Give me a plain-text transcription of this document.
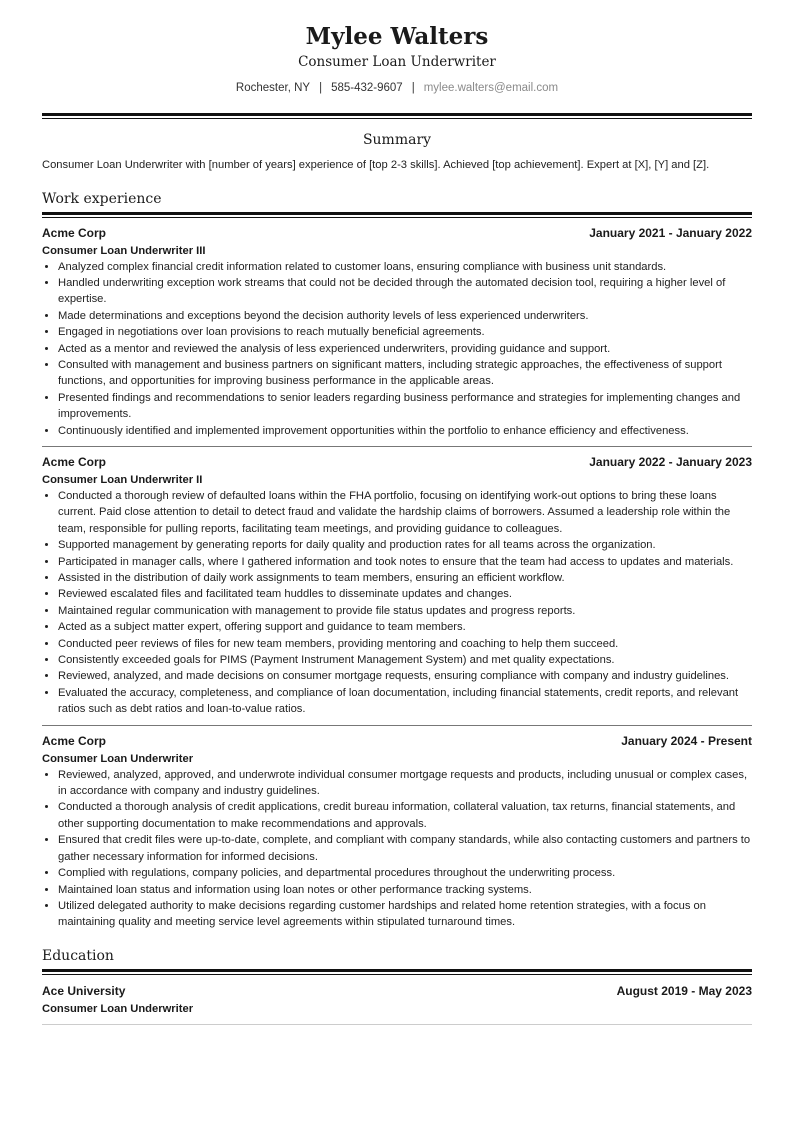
Mylee Walters
Consumer Loan Underwriter
Rochester, NY | 585-432-9607 | mylee.walters@email.com
Summary
Consumer Loan Underwriter with [number of years] experience of [top 2-3 skills]. Achieved [top achievement]. Expert at [X], [Y] and [Z].
Work experience
Acme Corp	January 2021 - January 2022
Consumer Loan Underwriter III
• Analyzed complex financial credit information related to customer loans, ensuring compliance with business unit standards.
• Handled underwriting exception work streams that could not be decided through the automated decision tool, requiring a higher level of expertise.
• Made determinations and exceptions beyond the decision authority levels of less experienced underwriters.
• Engaged in negotiations over loan provisions to reach mutually beneficial agreements.
• Acted as a mentor and reviewed the analysis of less experienced underwriters, providing guidance and support.
• Consulted with management and business partners on significant matters, including strategic approaches, the effectiveness of support functions, and opportunities for improving business performance in the applicable areas.
• Presented findings and recommendations to senior leaders regarding business performance and strategies for implementing changes and improvements.
• Continuously identified and implemented improvement opportunities within the portfolio to enhance efficiency and effectiveness.
Acme Corp	January 2022 - January 2023
Consumer Loan Underwriter II
• Conducted a thorough review of defaulted loans within the FHA portfolio, focusing on identifying work-out options to bring these loans current. Paid close attention to detail to detect fraud and validate the hardship claims of borrowers. Assumed a leadership role within the team, responsible for pulling reports, facilitating team meetings, and providing guidance to colleagues.
• Supported management by generating reports for daily quality and production rates for all teams across the organization.
• Participated in manager calls, where I gathered information and took notes to ensure that the team had access to updates and materials.
• Assisted in the distribution of daily work assignments to team members, ensuring an efficient workflow.
• Reviewed escalated files and facilitated team huddles to disseminate updates and changes.
• Maintained regular communication with management to provide file status updates and progress reports.
• Acted as a subject matter expert, offering support and guidance to team members.
• Conducted peer reviews of files for new team members, providing mentoring and coaching to help them succeed.
• Consistently exceeded goals for PIMS (Payment Instrument Management System) and met quality expectations.
• Reviewed, analyzed, and made decisions on consumer mortgage requests, ensuring compliance with company and industry guidelines.
• Evaluated the accuracy, completeness, and compliance of loan documentation, including financial statements, credit reports, and relevant ratios such as debt ratios and loan-to-value ratios.
Acme Corp	January 2024 - Present
Consumer Loan Underwriter
• Reviewed, analyzed, approved, and underwrote individual consumer mortgage requests and products, including unusual or complex cases, in accordance with company and industry guidelines.
• Conducted a thorough analysis of credit applications, credit bureau information, collateral valuation, tax returns, financial statements, and other supporting documentation to make recommendations and approvals.
• Ensured that credit files were up-to-date, complete, and compliant with company standards, while also contacting customers and partners to gather necessary information for informed decisions.
• Complied with regulations, company policies, and departmental procedures throughout the underwriting process.
• Maintained loan status and information using loan notes or other performance tracking systems.
• Utilized delegated authority to make decisions regarding customer hardships and related home retention strategies, with a focus on maintaining quality and meeting service level agreements within stipulated turnaround times.
Education
Ace University	August 2019 - May 2023
Consumer Loan Underwriter
